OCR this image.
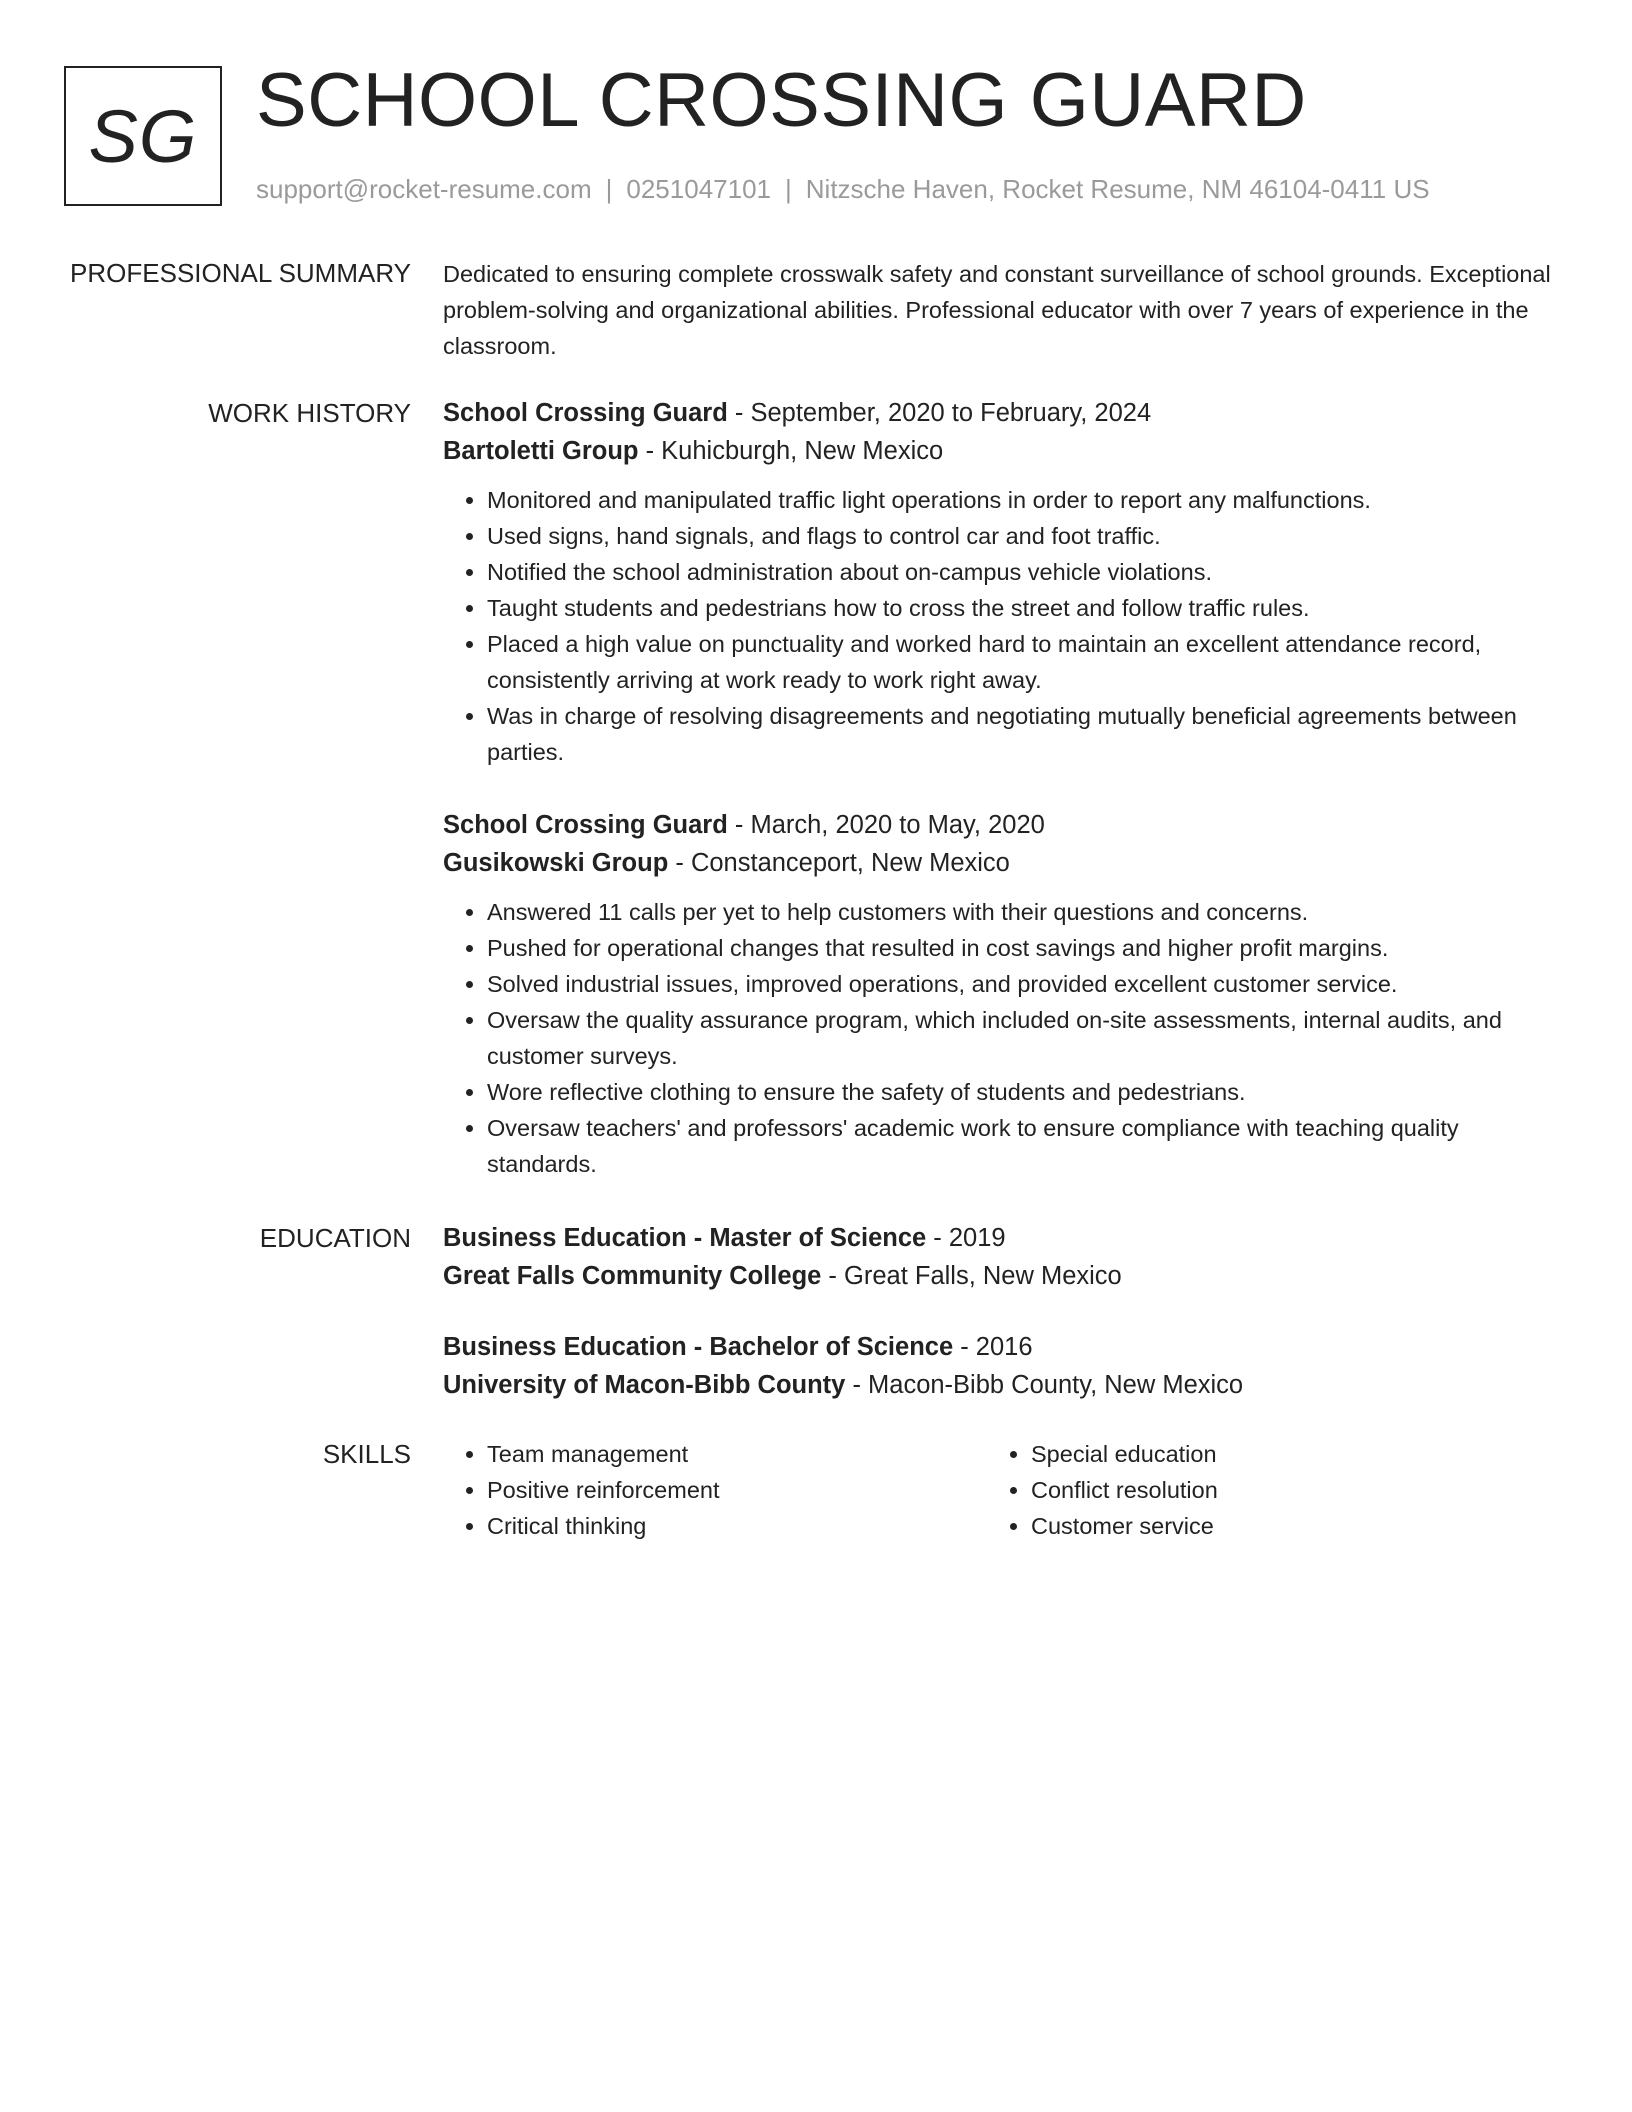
SG SCHOOL CROSSING GUARD
support@rocket-resume.com | 0251047101 | Nitzsche Haven, Rocket Resume, NM 46104-0411 US
PROFESSIONAL SUMMARY Dedicated to ensuring complete crosswalk safety and constant surveillance of school grounds. Exceptional problem-solving and organizational abilities. Professional educator with over 7 years of experience in the classroom.

WORK HISTORY School Crossing Guard - September, 2020 to February, 2024
Bartoletti Group - Kuhicburgh, New Mexico
• Monitored and manipulated traffic light operations in order to report any malfunctions.
• Used signs, hand signals, and flags to control car and foot traffic.
• Notified the school administration about on-campus vehicle violations.
• Taught students and pedestrians how to cross the street and follow traffic rules.
• Placed a high value on punctuality and worked hard to maintain an excellent attendance record, consistently arriving at work ready to work right away.
• Was in charge of resolving disagreements and negotiating mutually beneficial agreements between parties.
School Crossing Guard - March, 2020 to May, 2020
Gusikowski Group - Constanceport, New Mexico
• Answered 11 calls per yet to help customers with their questions and concerns.
• Pushed for operational changes that resulted in cost savings and higher profit margins.
• Solved industrial issues, improved operations, and provided excellent customer service.
• Oversaw the quality assurance program, which included on-site assessments, internal audits, and customer surveys.
• Wore reflective clothing to ensure the safety of students and pedestrians.
• Oversaw teachers' and professors' academic work to ensure compliance with teaching quality standards.
EDUCATION Business Education - Master of Science - 2019
Great Falls Community College - Great Falls, New Mexico
Business Education - Bachelor of Science - 2016
University of Macon-Bibb County - Macon-Bibb County, New Mexico
SKILLS
•	Team management
• Positive reinforcement
• Critical thinking
• Special education
• Conflict resolution
• Customer service
